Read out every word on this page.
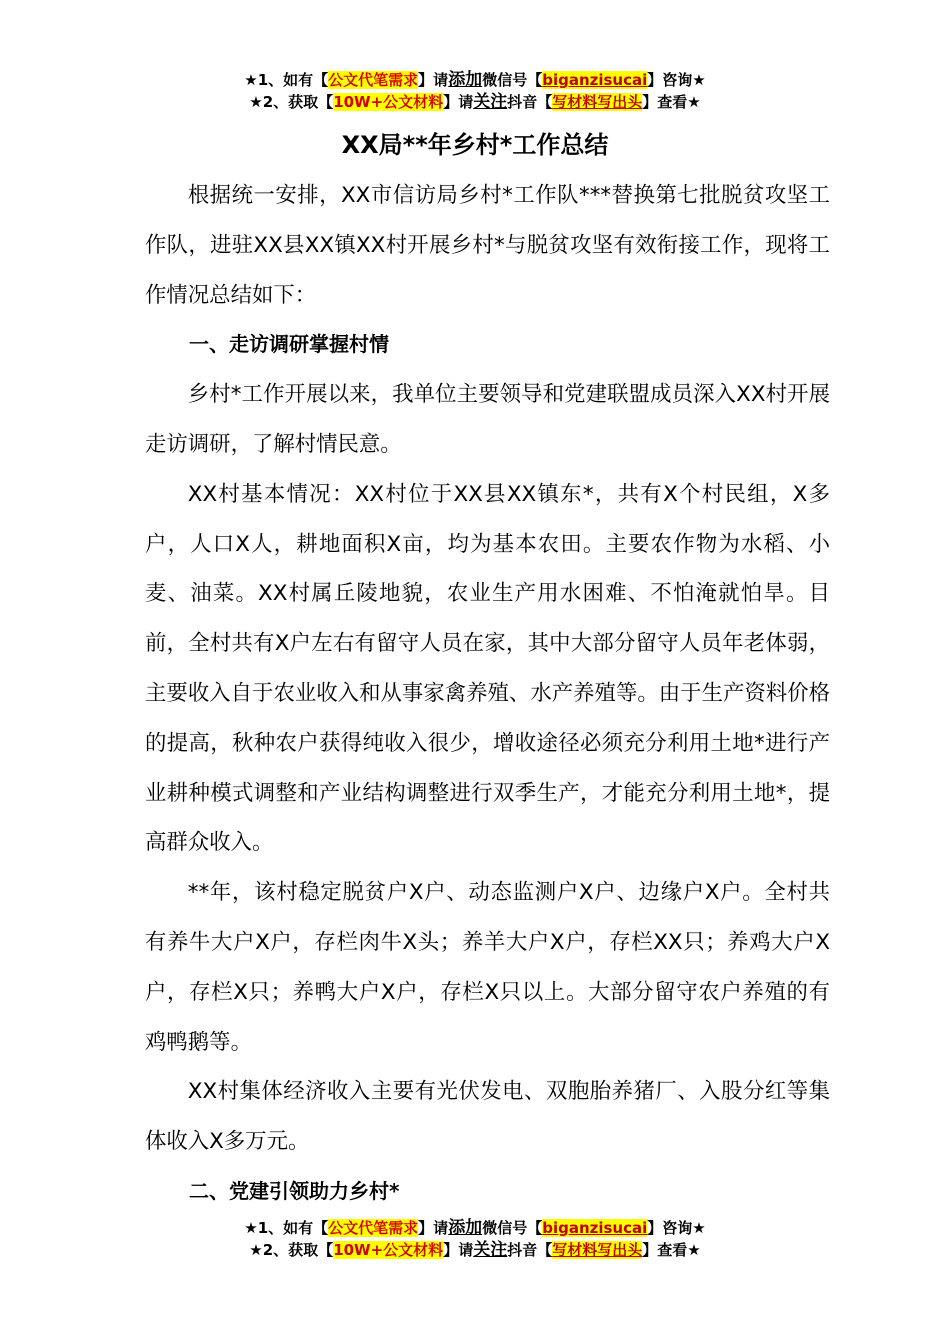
★1、如有【公文代笔需求】请添加微信号【biganzisucai】咨询★
★2、获取【10W+公文材料】请关注抖音【写材料写出头】查看★
XX局**年乡村*工作总结

根据统一安排，XX市信访局乡村*工作队***替换第七批脱贫攻坚工作队，进驻XX县XX镇XX村开展乡村*与脱贫攻坚有效衔接工作，现将工作情况总结如下：

一、走访调研掌握村情

乡村*工作开展以来，我单位主要领导和党建联盟成员深入XX村开展走访调研，了解村情民意。

XX村基本情况：XX村位于XX县XX镇东*，共有X个村民组，X多户，人口X人，耕地面积X亩，均为基本农田。主要农作物为水稻、小麦、油菜。XX村属丘陵地貌，农业生产用水困难、不怕淹就怕旱。目前，全村共有X户左右有留守人员在家，其中大部分留守人员年老体弱，主要收入自于农业收入和从事家禽养殖、水产养殖等。由于生产资料价格的提高，秋种农户获得纯收入很少，增收途径必须充分利用土地*进行产业耕种模式调整和产业结构调整进行双季生产，才能充分利用土地*，提高群众收入。

**年，该村稳定脱贫户X户、动态监测户X户、边缘户X户。全村共有养牛大户X户，存栏肉牛X头；养羊大户X户，存栏XX只；养鸡大户X户，存栏X只；养鸭大户X户，存栏X只以上。大部分留守农户养殖的有鸡鸭鹅等。

XX村集体经济收入主要有光伏发电、双胞胎养猪厂、入股分红等集体收入X多万元。

二、党建引领助力乡村*
★1、如有【公文代笔需求】请添加微信号【biganzisucai】咨询★
★2、获取【10W+公文材料】请关注抖音【写材料写出头】查看★
